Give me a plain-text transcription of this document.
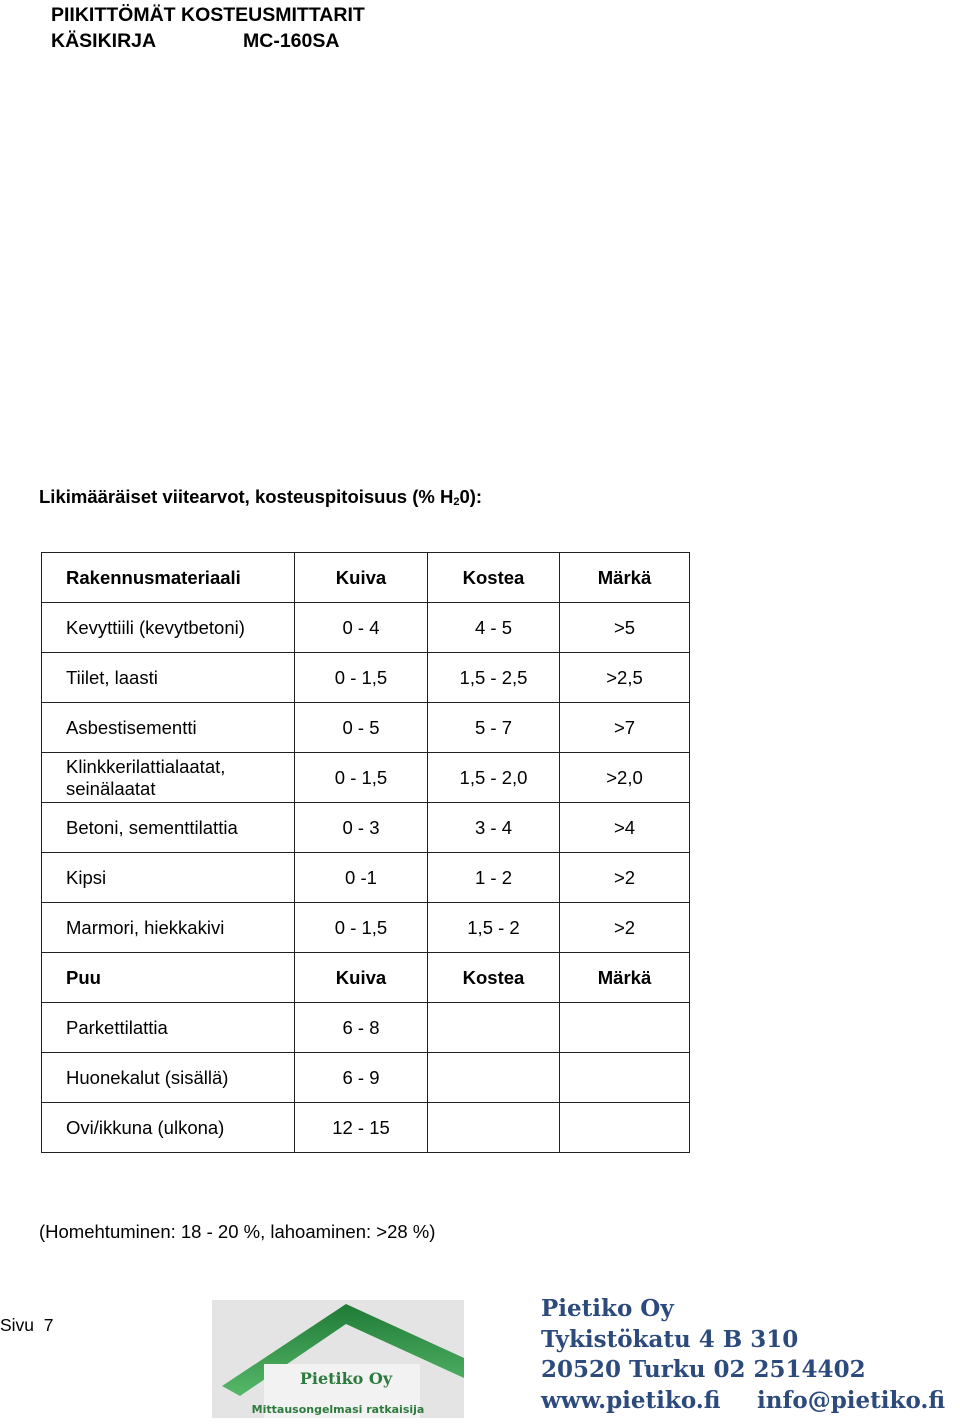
PIIKITTÖMÄT KOSTEUSMITTARIT
KÄSIKIRJA	MC-160SA
Likimääräiset viitearvot, kosteuspitoisuus (% $H_20$):
Rakennusmateriaali	Kuiva	Kostea	Märkä
Kevyttiili (kevytbetoni)	0 - 4	4 - 5	>5
Tiilet, laasti	0 - 1,5	1,5 - 2,5	>2,5
Asbestisementti	0 - 5	5 - 7	>7
Klinkkerilattialaatat, seinälaatat	0 - 1,5	1,5 - 2,0	>2,0
Betoni, sementtilattia	0 - 3	3 - 4	>4
Kipsi	0 -1	1 - 2	>2
Marmori, hiekkakivi	0 - 1,5	1,5 - 2	>2
Puu	Kuiva	Kostea	Märkä
Parkettilattia	6 - 8		
Huonekalut (sisällä)	6 - 9		
Ovi/ikkuna (ulkona)	12 - 15		
(Homehtuminen: 18 - 20 %, lahoaminen: >28 %)
Sivu 7
Pietiko Oy
Mittausongelmasi ratkaisija
Pietiko Oy
Tykistökatu 4 B 310
20520 Turku 02 2514402
www.pietiko.fi info@pietiko.fi
